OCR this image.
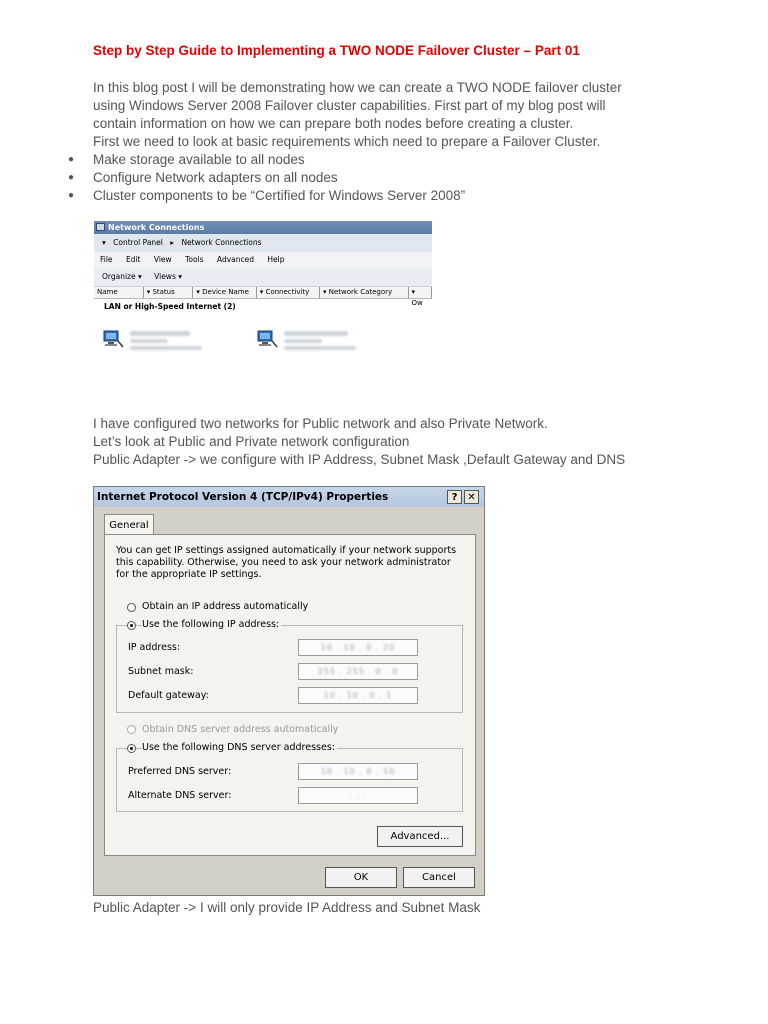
Step by Step Guide to Implementing a TWO NODE Failover Cluster – Part 01
In this blog post I will be demonstrating how we can create a TWO NODE failover cluster
using Windows Server 2008 Failover cluster capabilities. First part of my blog post will
contain information on how we can prepare both nodes before creating a cluster.
First we need to look at basic requirements which need to prepare a Failover Cluster.
● Make storage available to all nodes
● Configure Network adapters on all nodes
● Cluster components to be “Certified for Windows Server 2008”
Network Connections
▾ Control Panel ▸ Network Connections
File Edit View Tools Advanced Help
Organize ▾ Views ▾
Name	▾ Status	▾ Device Name	▾ Connectivity	▾ Network Category	▾ Ow
LAN or High-Speed Internet (2)
I have configured two networks for Public network and also Private Network.
Let’s look at Public and Private network configuration
Public Adapter -> we configure with IP Address, Subnet Mask ,Default Gateway and DNS
Internet Protocol Version 4 (TCP/IPv4) Properties	? ✕
General
You can get IP settings assigned automatically if your network supports
this capability. Otherwise, you need to ask your network administrator
for the appropriate IP settings.
Obtain an IP address automatically
Use the following IP address:
IP address:	10 . 10 . 0 . 20
Subnet mask:	255 . 255 . 0 . 0
Default gateway:	10 . 10 . 0 . 1
Obtain DNS server address automatically
Use the following DNS server addresses:
Preferred DNS server:	10 . 10 . 0 . 10
Alternate DNS server:	. . .
Advanced...
OK	Cancel
Public Adapter -> I will only provide IP Address and Subnet Mask
